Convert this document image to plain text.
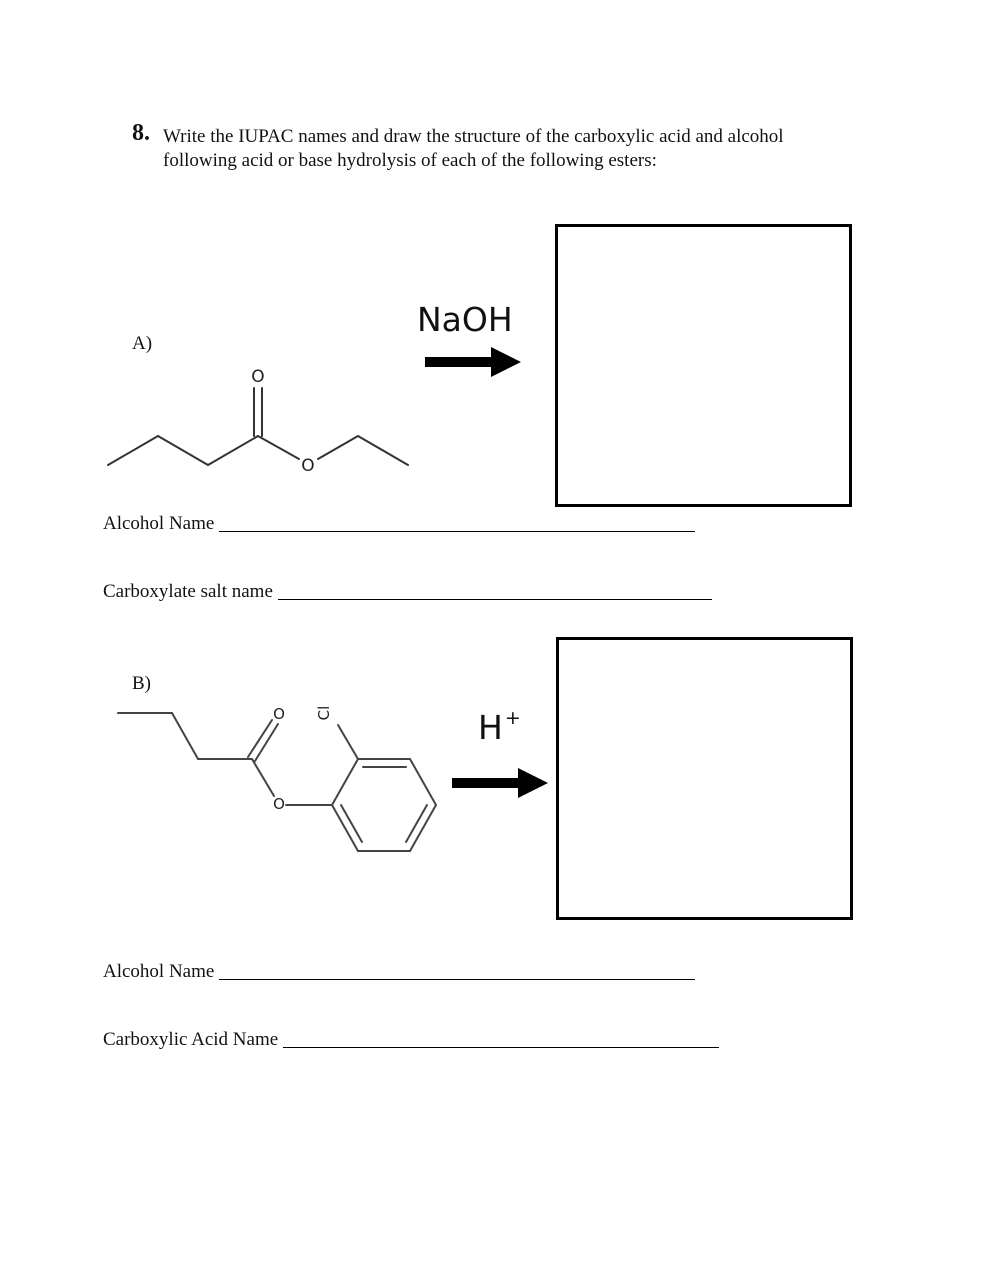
8. Write the IUPAC names and draw the structure of the carboxylic acid and alcohol
following acid or base hydrolysis of each of the following esters:
A)
O
O
NaOH
Alcohol Name
Carboxylate salt name
B)
O
O
Cl	H +
Alcohol Name
Carboxylic Acid Name
